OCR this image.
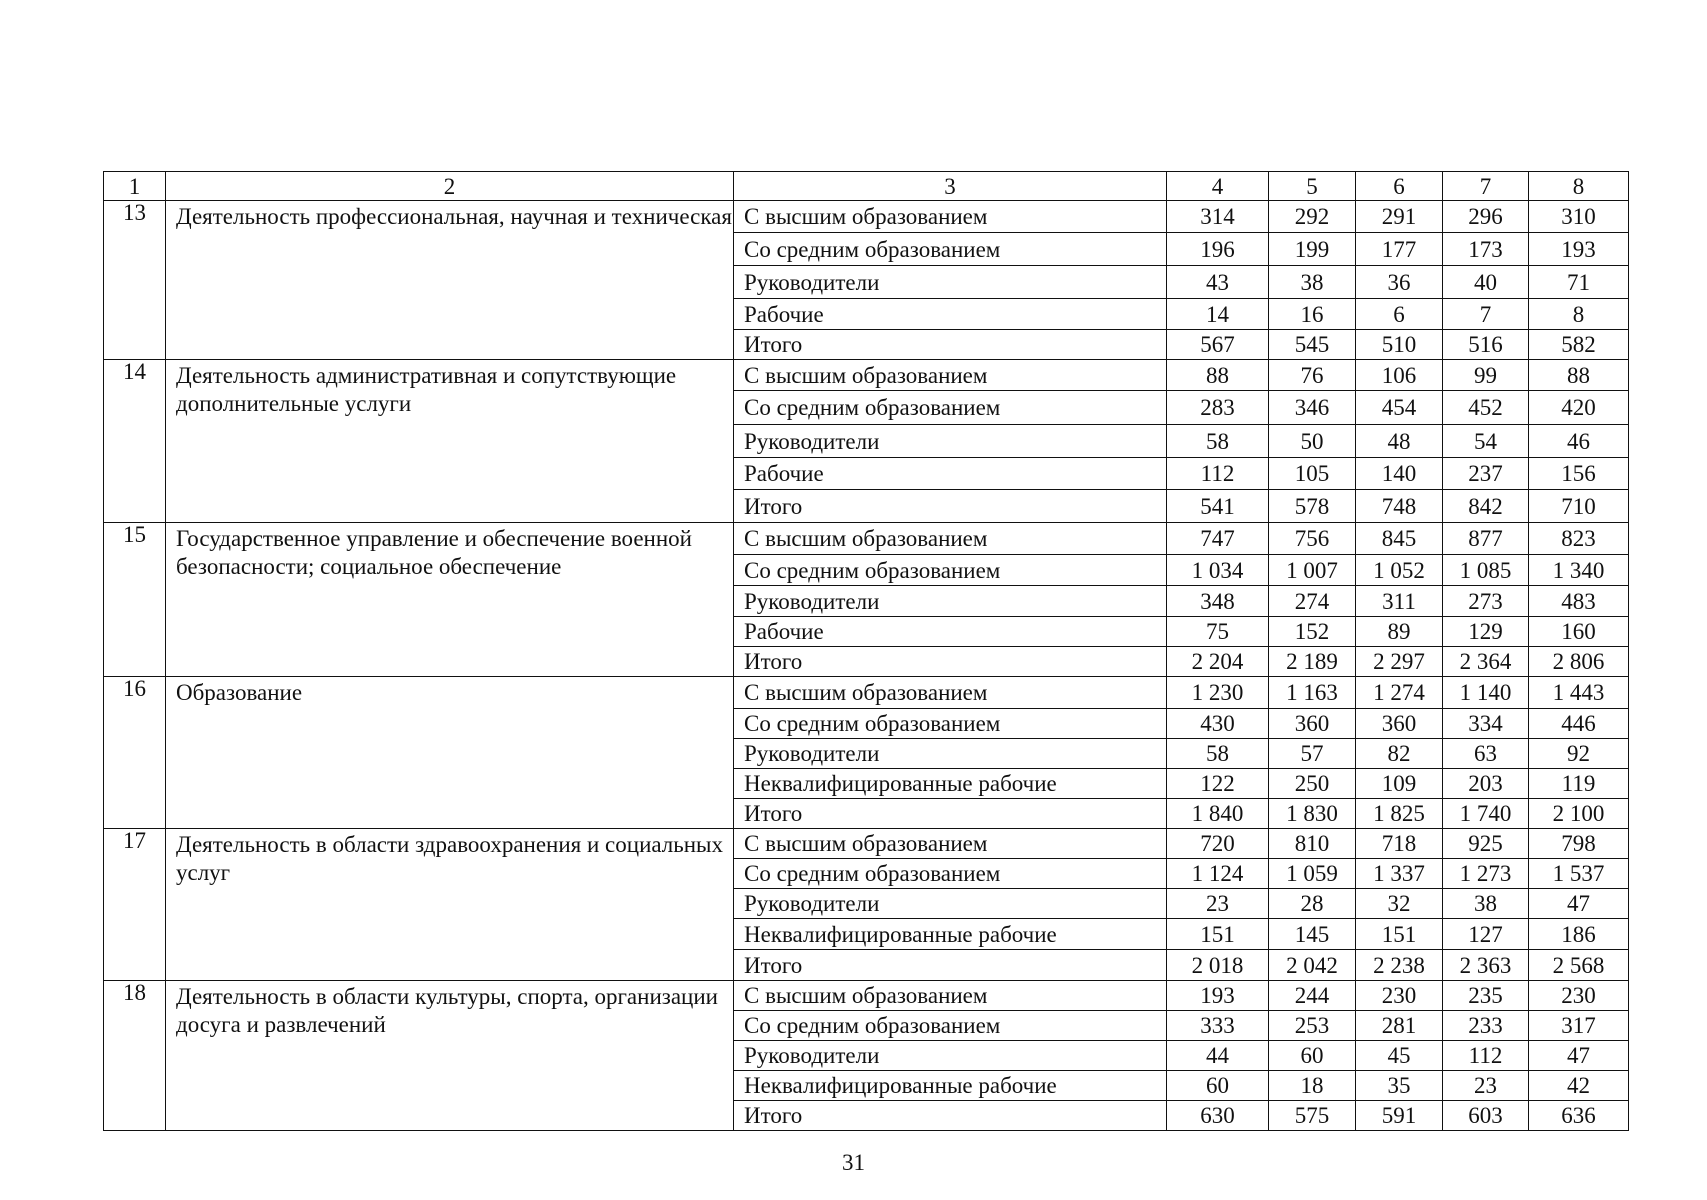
1	2	3	4	5	6	7	8
13	Деятельность профессиональная, научная и техническая	С высшим образованием	314	292	291	296	310
		Со средним образованием	196	199	177	173	193
		Руководители	43	38	36	40	71
		Рабочие	14	16	6	7	8
		Итого	567	545	510	516	582
14	Деятельность административная и сопутствующие дополнительные услуги	С высшим образованием	88	76	106	99	88
		Со средним образованием	283	346	454	452	420
		Руководители	58	50	48	54	46
		Рабочие	112	105	140	237	156
		Итого	541	578	748	842	710
15	Государственное управление и обеспечение военной безопасности; социальное обеспечение	С высшим образованием	747	756	845	877	823
		Со средним образованием	1 034	1 007	1 052	1 085	1 340
		Руководители	348	274	311	273	483
		Рабочие	75	152	89	129	160
		Итого	2 204	2 189	2 297	2 364	2 806
16	Образование	С высшим образованием	1 230	1 163	1 274	1 140	1 443
		Со средним образованием	430	360	360	334	446
		Руководители	58	57	82	63	92
		Неквалифицированные рабочие	122	250	109	203	119
		Итого	1 840	1 830	1 825	1 740	2 100
17	Деятельность в области здравоохранения и социальных услуг	С высшим образованием	720	810	718	925	798
		Со средним образованием	1 124	1 059	1 337	1 273	1 537
		Руководители	23	28	32	38	47
		Неквалифицированные рабочие	151	145	151	127	186
		Итого	2 018	2 042	2 238	2 363	2 568
18	Деятельность в области культуры, спорта, организации досуга и развлечений	С высшим образованием	193	244	230	235	230
		Со средним образованием	333	253	281	233	317
		Руководители	44	60	45	112	47
		Неквалифицированные рабочие	60	18	35	23	42
		Итого	630	575	591	603	636
31
